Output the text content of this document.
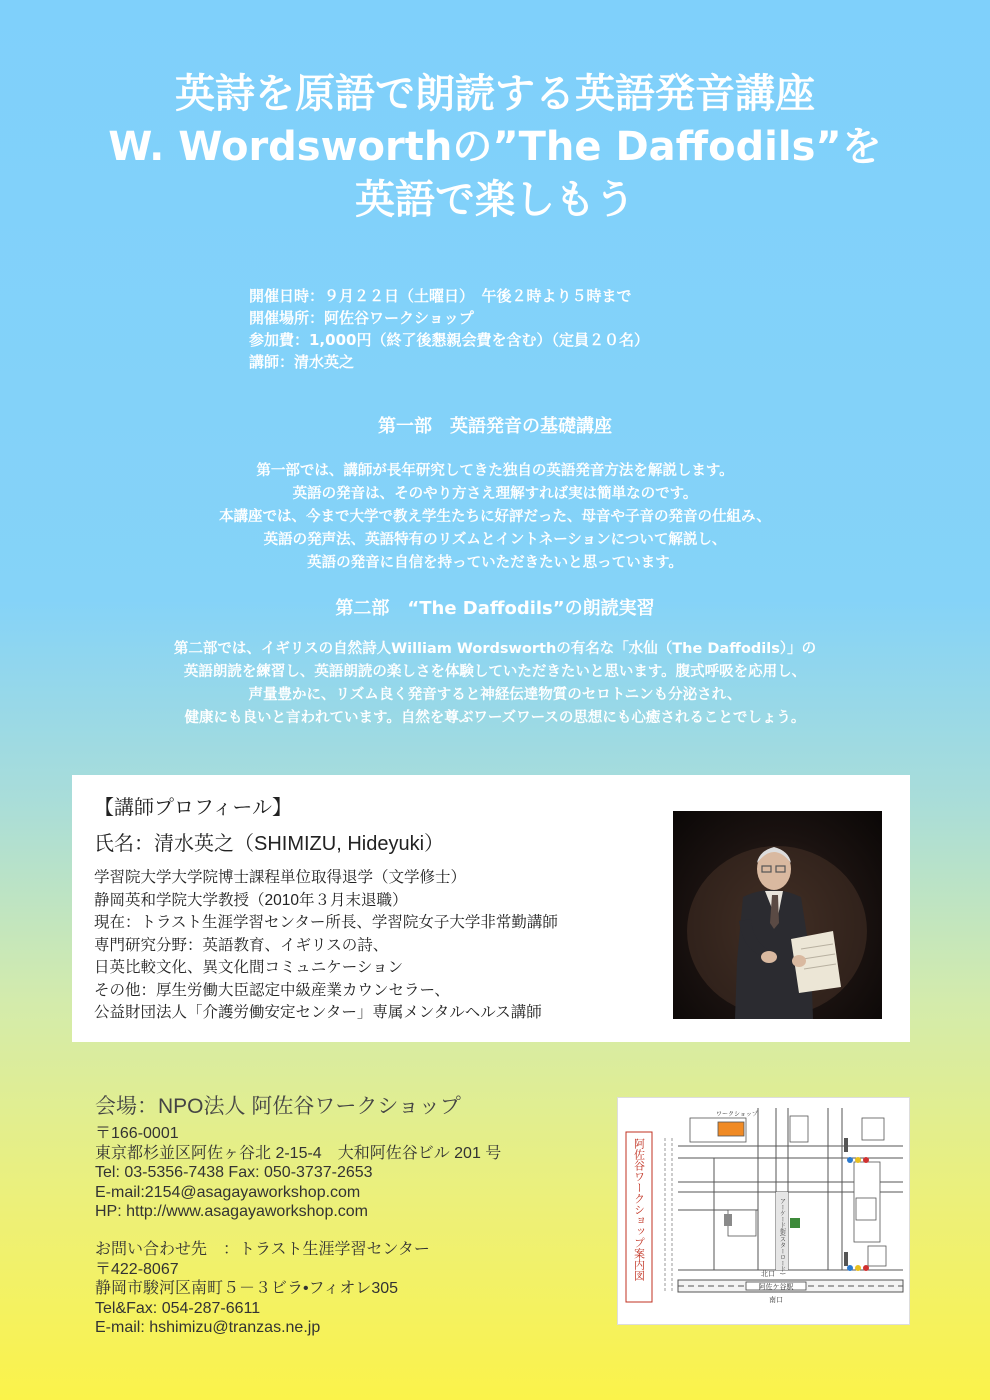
英詩を原語で朗読する英語発音講座
W. Wordsworthの”The Daffodils”を
英語で楽しもう
開催日時：９月２２日（土曜日）　午後２時より５時まで
開催場所：阿佐谷ワークショップ
参加費：1,000円（終了後懇親会費を含む）（定員２０名）
講師：清水英之
第一部　英語発音の基礎講座
第一部では、講師が長年研究してきた独自の英語発音方法を解説します。
英語の発音は、そのやり方さえ理解すれば実は簡単なのです。
本講座では、今まで大学で教え学生たちに好評だった、母音や子音の発音の仕組み、
英語の発声法、英語特有のリズムとイントネーションについて解説し、
英語の発音に自信を持っていただきたいと思っています。
第二部　“The Daffodils”の朗読実習
第二部では、イギリスの自然詩人William Wordsworthの有名な「水仙（The Daffodils）」の
英語朗読を練習し、英語朗読の楽しさを体験していただきたいと思います。腹式呼吸を応用し、
声量豊かに、リズム良く発音すると神経伝達物質のセロトニンも分泌され、
健康にも良いと言われています。自然を尊ぶワーズワースの思想にも心癒されることでしょう。
【講師プロフィール】
氏名：清水英之（SHIMIZU, Hideyuki）
学習院大学大学院博士課程単位取得退学（文学修士）
静岡英和学院大学教授（2010年３月末退職）
現在：トラスト生涯学習センター所長、学習院女子大学非常勤講師
専門研究分野：英語教育、イギリスの詩、
日英比較文化、異文化間コミュニケーション
その他：厚生労働大臣認定中級産業カウンセラー、
公益財団法人「介護労働安定センター」専属メンタルヘルス講師
会場：NPO法人 阿佐谷ワークショップ
〒166-0001
東京都杉並区阿佐ヶ谷北 2-15-4　大和阿佐谷ビル 201 号
Tel: 03-5356-7438 Fax: 050-3737-2653
E-mail:2154@asagayaworkshop.com
HP: http://www.asagayaworkshop.com
お問い合わせ先　：トラスト生涯学習センター
〒422-8067
静岡市駿河区南町５－３ビラ•フィオレ305
Tel&Fax: 054-287-6611
E-mail: hshimizu@tranzas.ne.jp
阿佐谷ワークショップ案内図
阿佐ケ谷駅
北口
南口
アーケード街(スターロード)
ワークショップ
